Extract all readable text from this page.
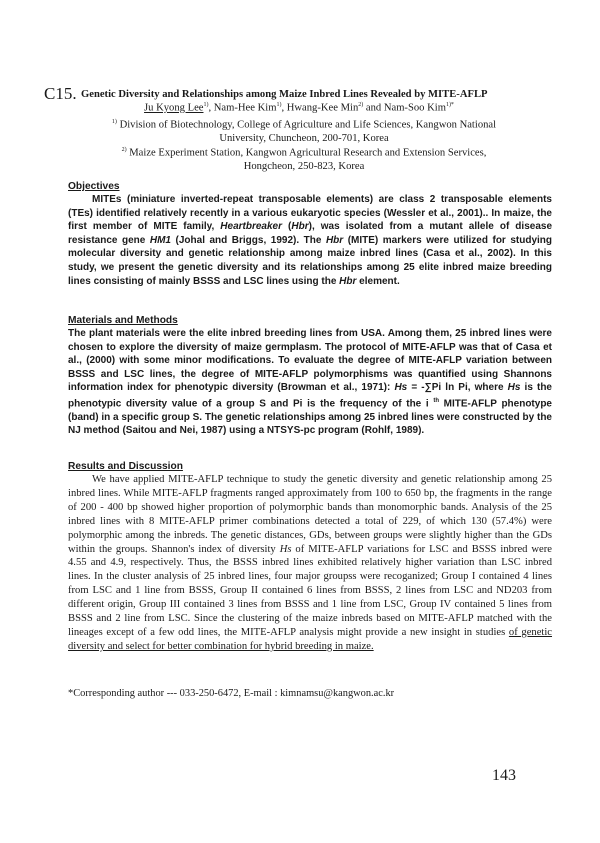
C15. Genetic Diversity and Relationships among Maize Inbred Lines Revealed by MITE-AFLP
Ju Kyong Lee$^{1)}$, Nam-Hee Kim$^{1)}$, Hwang-Kee Min$^{2)}$ and Nam-Soo Kim$^{1)*}$
$^{1)}$ Division of Biotechnology, College of Agriculture and Life Sciences, Kangwon National
University, Chuncheon, 200-701, Korea
$^{2)}$ Maize Experiment Station, Kangwon Agricultural Research and Extension Services,
Hongcheon, 250-823, Korea
Objectives
MITEs (miniature inverted-repeat transposable elements) are class 2 transposable elements (TEs) identified relatively recently in a various eukaryotic species (Wessler et al., 2001).. In maize, the first member of MITE family, Heartbreaker (Hbr), was isolated from a mutant allele of disease resistance gene HM1 (Johal and Briggs, 1992). The Hbr (MITE) markers were utilized for studying molecular diversity and genetic relationship among maize inbred lines (Casa et al., 2002). In this study, we present the genetic diversity and its relationships among 25 elite inbred maize breeding lines consisting of mainly BSSS and LSC lines using the Hbr element.
Materials and Methods
The plant materials were the elite inbred breeding lines from USA. Among them, 25 inbred lines were chosen to explore the diversity of maize germplasm. The protocol of MITE-AFLP was that of Casa et al., (2000) with some minor modifications. To evaluate the degree of MITE-AFLP variation between BSSS and LSC lines, the degree of MITE-AFLP polymorphisms was quantified using Shannons information index for phenotypic diversity (Browman et al., 1971): Hs = -∑Pi ln Pi, where Hs is the phenotypic diversity value of a group S and Pi is the frequency of the i $^{th}$ MITE-AFLP phenotype (band) in a specific group S. The genetic relationships among 25 inbred lines were constructed by the NJ method (Saitou and Nei, 1987) using a NTSYS-pc program (Rohlf, 1989).
Results and Discussion
We have applied MITE-AFLP technique to study the genetic diversity and genetic relationship among 25 inbred lines. While MITE-AFLP fragments ranged approximately from 100 to 650 bp, the fragments in the range of 200 - 400 bp showed higher proportion of polymorphic bands than monomorphic bands. Analysis of the 25 inbred lines with 8 MITE-AFLP primer combinations detected a total of 229, of which 130 (57.4%) were polymorphic among the inbreds. The genetic distances, GDs, between groups were slightly higher than the GDs within the groups. Shannon's index of diversity Hs of MITE-AFLP variations for LSC and BSSS inbred were 4.55 and 4.9, respectively. Thus, the BSSS inbred lines exhibited relatively higher variation than LSC inbred lines. In the cluster analysis of 25 inbred lines, four major groupss were recoganized; Group I contained 4 lines from LSC and 1 line from BSSS, Group II contained 6 lines from BSSS, 2 lines from LSC and ND203 from different origin, Group III contained 3 lines from BSSS and 1 line from LSC, Group IV contained 5 lines from BSSS and 2 line from LSC. Since the clustering of the maize inbreds based on MITE-AFLP matched with the lineages except of a few odd lines, the MITE-AFLP analysis might provide a new insight in studies of genetic diversity and select for better combination for hybrid breeding in maize.
*Corresponding author --- 033-250-6472, E-mail : kimnamsu@kangwon.ac.kr
143
